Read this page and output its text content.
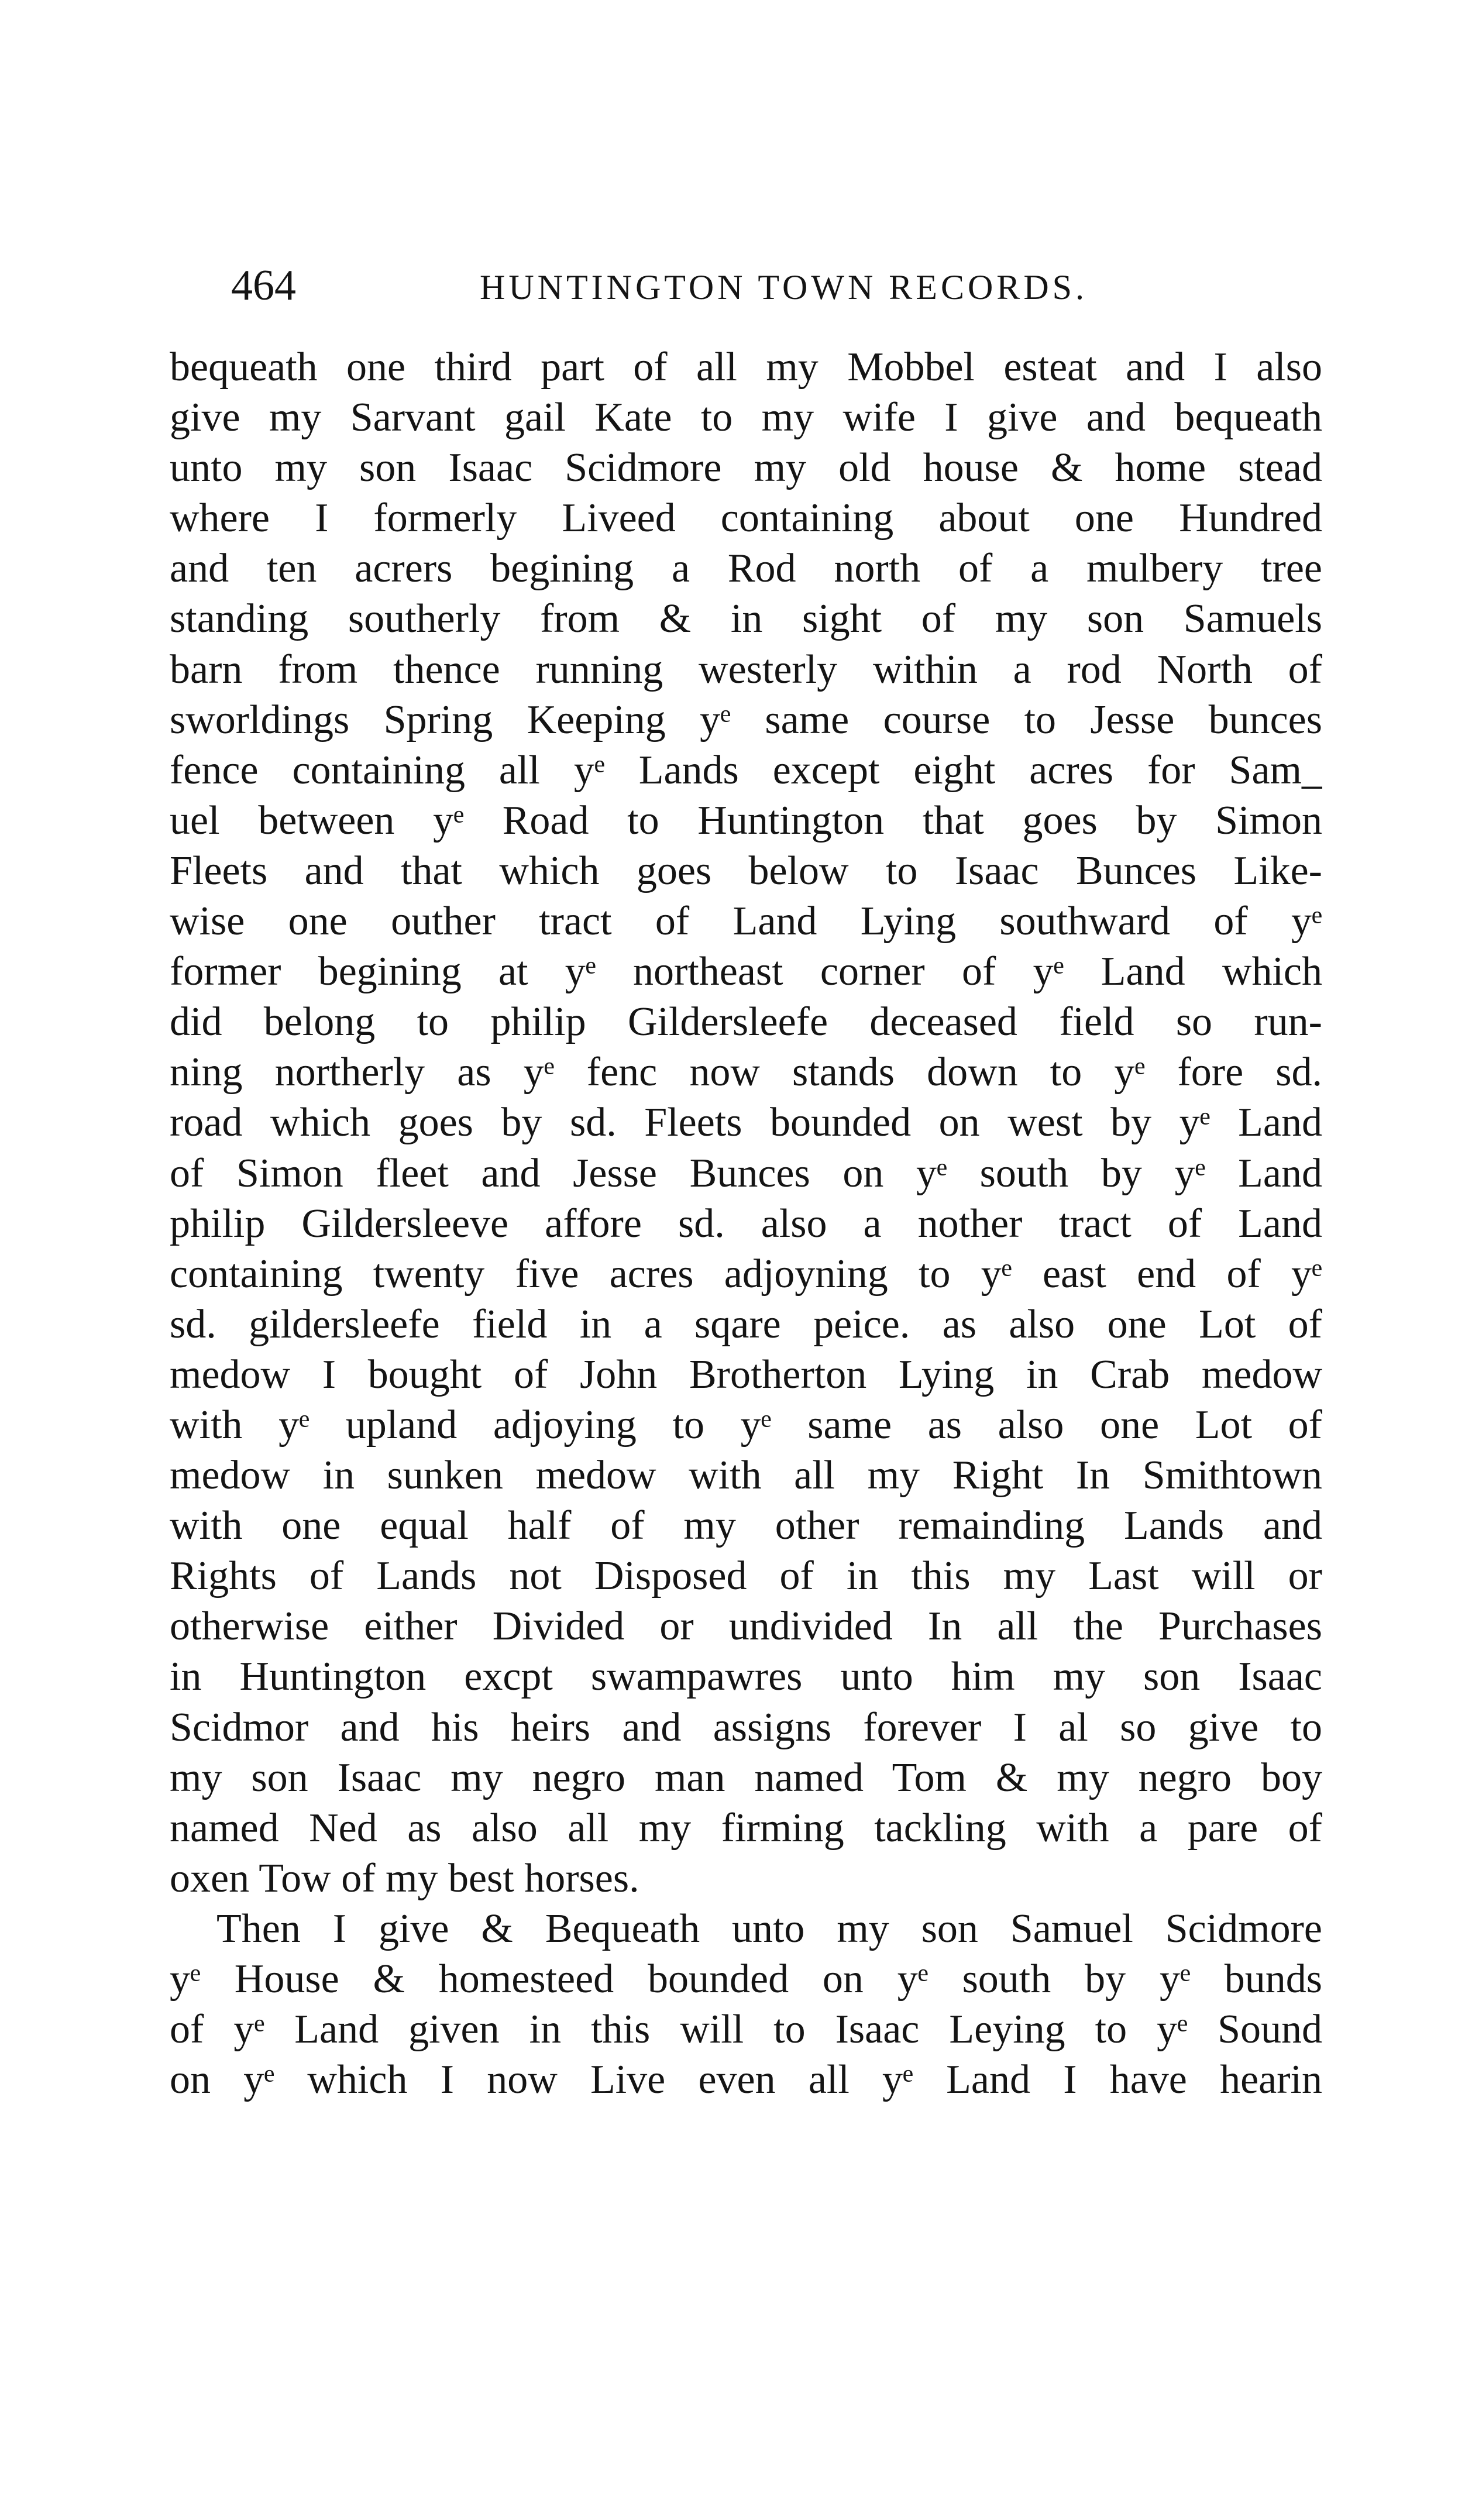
464	HUNTINGTON TOWN RECORDS.
bequeath one third part of all my Mobbel esteat and I also
give my Sarvant gail Kate to my wife I give and bequeath
unto my son Isaac Scidmore my old house & home stead
where I formerly Liveed containing about one Hundred
and ten acrers begining a Rod north of a mulbery tree
standing southerly from & in sight of my son Samuels
barn from thence running westerly within a rod North of
sworldings Spring Keeping yᵉ same course to Jesse bunces
fence containing all yᵉ Lands except eight acres for Sam_
uel between yᵉ Road to Huntington that goes by Simon
Fleets and that which goes below to Isaac Bunces Like-
wise one outher tract of Land Lying southward of yᵉ
former begining at yᵉ northeast corner of yᵉ Land which
did belong to philip Gildersleefe deceased field so run-
ning northerly as yᵉ fenc now stands down to yᵉ fore sd.
road which goes by sd. Fleets bounded on west by yᵉ Land
of Simon fleet and Jesse Bunces on yᵉ south by yᵉ Land
philip Gildersleeve affore sd. also a nother tract of Land
containing twenty five acres adjoyning to yᵉ east end of yᵉ
sd. gildersleefe field in a sqare peice. as also one Lot of
medow I bought of John Brotherton Lying in Crab medow
with yᵉ upland adjoying to yᵉ same as also one Lot of
medow in sunken medow with all my Right In Smithtown
with one equal half of my other remainding Lands and
Rights of Lands not Disposed of in this my Last will or
otherwise either Divided or undivided In all the Purchases
in Huntington excpt swampawres unto him my son Isaac
Scidmor and his heirs and assigns forever I al so give to
my son Isaac my negro man named Tom & my negro boy
named Ned as also all my firming tackling with a pare of
oxen Tow of my best horses.
Then I give & Bequeath unto my son Samuel Scidmore
yᵉ House & homesteed bounded on yᵉ south by yᵉ bunds
of yᵉ Land given in this will to Isaac Leying to yᵉ Sound
on yᵉ which I now Live even all yᵉ Land I have hearin
